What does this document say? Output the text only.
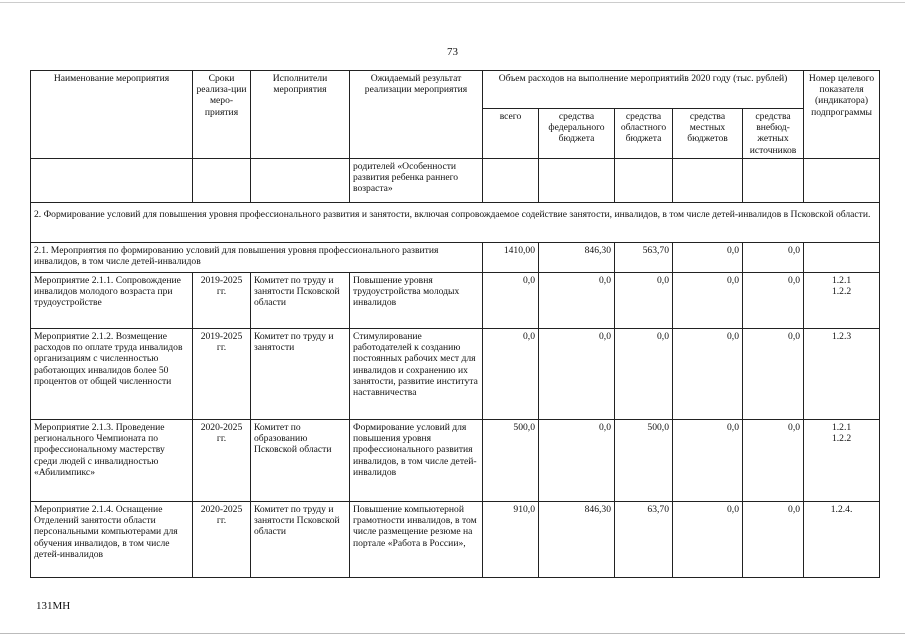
73
Наименование мероприятия	Сроки реализа-ции меро-приятия	Исполнители мероприятия	Ожидаемый результат реализации мероприятия	Объем расходов на выполнение мероприятийв 2020 году (тыс. рублей)					Номер целевого показателя (индикатора) подпрограммы
				всего	средства федерального бюджета	средства областного бюджета	средства местных бюджетов	средства внебюд-жетных источников	
			родителей «Особенности развития ребенка раннего возраста»						
2. Формирование условий для повышения уровня профессионального развития и занятости, включая сопровождаемое содействие занятости, инвалидов, в том числе детей-инвалидов в Псковской области.									
2.1. Мероприятия по формированию условий для повышения уровня профессионального развития инвалидов, в том числе детей-инвалидов				1410,00	846,30	563,70	0,0	0,0	
Мероприятие 2.1.1. Сопровождение инвалидов молодого возраста при трудоустройстве	2019-2025 гг.	Комитет по труду и занятости Псковской области	Повышение уровня трудоустройства молодых инвалидов	0,0	0,0	0,0	0,0	0,0	1.2.1
1.2.2

Мероприятие 2.1.2. Возмещение расходов по оплате труда инвалидов организациям с численностью работающих инвалидов более 50 процентов от общей численности	2019-2025 гг.	Комитет по труду и занятости	Стимулирование работодателей к созданию постоянных рабочих мест для инвалидов и сохранению их занятости, развитие института наставничества	0,0	0,0	0,0	0,0	0,0	1.2.3

Мероприятие 2.1.3. Проведение регионального Чемпионата по профессиональному мастерству среди людей с инвалидностью «Абилимпикс»	2020-2025 гг.	Комитет по образованию Псковской области	Формирование условий для повышения уровня профессионального развития инвалидов, в том числе детей-инвалидов	500,0	0,0	500,0	0,0	0,0	1.2.1
1.2.2

Мероприятие 2.1.4. Оснащение Отделений занятости области персональными компьютерами для обучения инвалидов, в том числе детей-инвалидов	2020-2025 гг.	Комитет по труду и занятости Псковской области	Повышение компьютерной грамотности инвалидов, в том числе размещение резюме на портале «Работа в России»,	910,0	846,30	63,70	0,0	0,0	1.2.4.
131МН
